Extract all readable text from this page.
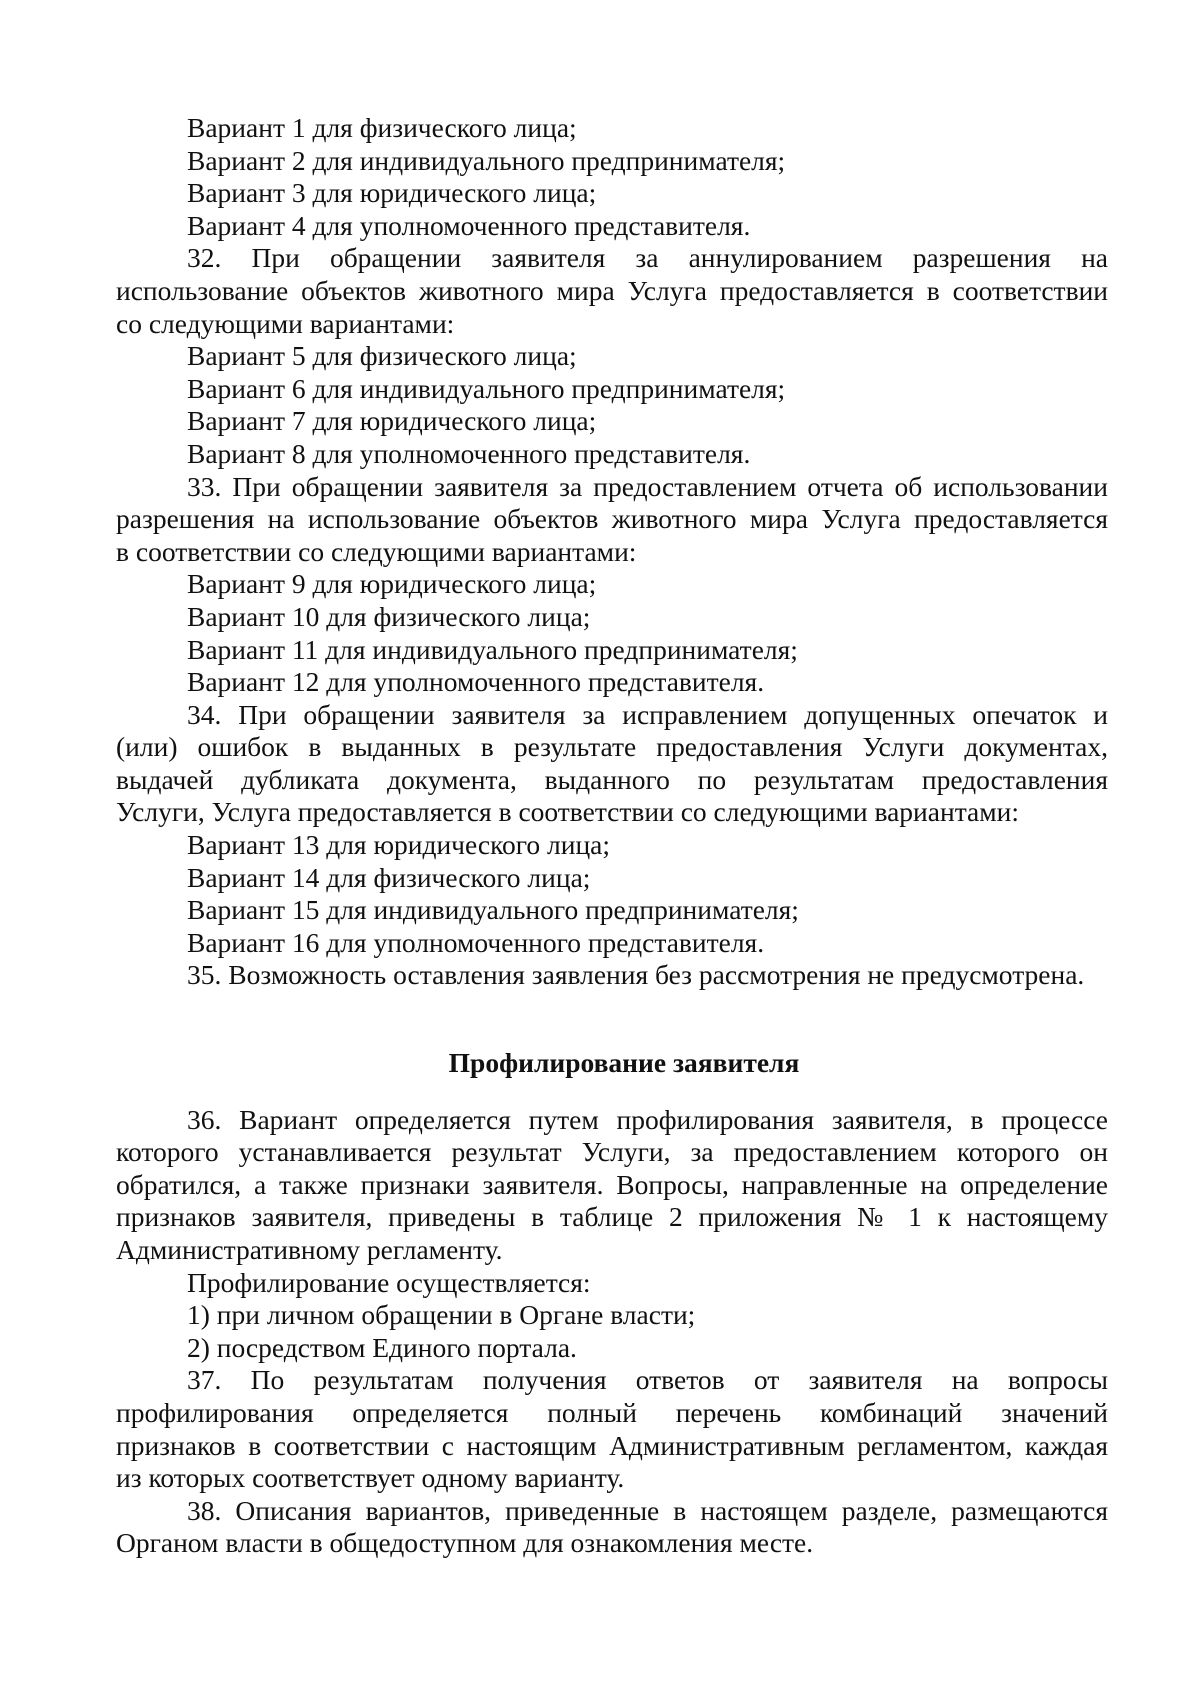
Вариант 1 для физического лица;
Вариант 2 для индивидуального предпринимателя;
Вариант 3 для юридического лица;
Вариант 4 для уполномоченного представителя.
32. При обращении заявителя за аннулированием разрешения на
использование объектов животного мира Услуга предоставляется в соответствии
со следующими вариантами:
Вариант 5 для физического лица;
Вариант 6 для индивидуального предпринимателя;
Вариант 7 для юридического лица;
Вариант 8 для уполномоченного представителя.
33. При обращении заявителя за предоставлением отчета об использовании
разрешения на использование объектов животного мира Услуга предоставляется
в соответствии со следующими вариантами:
Вариант 9 для юридического лица;
Вариант 10 для физического лица;
Вариант 11 для индивидуального предпринимателя;
Вариант 12 для уполномоченного представителя.
34. При обращении заявителя за исправлением допущенных опечаток и
(или) ошибок в выданных в результате предоставления Услуги документах,
выдачей дубликата документа, выданного по результатам предоставления
Услуги, Услуга предоставляется в соответствии со следующими вариантами:
Вариант 13 для юридического лица;
Вариант 14 для физического лица;
Вариант 15 для индивидуального предпринимателя;
Вариант 16 для уполномоченного представителя.
35. Возможность оставления заявления без рассмотрения не предусмотрена.
Профилирование заявителя
36. Вариант определяется путем профилирования заявителя, в процессе
которого устанавливается результат Услуги, за предоставлением которого он
обратился, а также признаки заявителя. Вопросы, направленные на определение
признаков заявителя, приведены в таблице 2 приложения № 1 к настоящему
Административному регламенту.
Профилирование осуществляется:
1) при личном обращении в Органе власти;
2) посредством Единого портала.
37. По результатам получения ответов от заявителя на вопросы
профилирования определяется полный перечень комбинаций значений
признаков в соответствии с настоящим Административным регламентом, каждая
из которых соответствует одному варианту.
38. Описания вариантов, приведенные в настоящем разделе, размещаются
Органом власти в общедоступном для ознакомления месте.
